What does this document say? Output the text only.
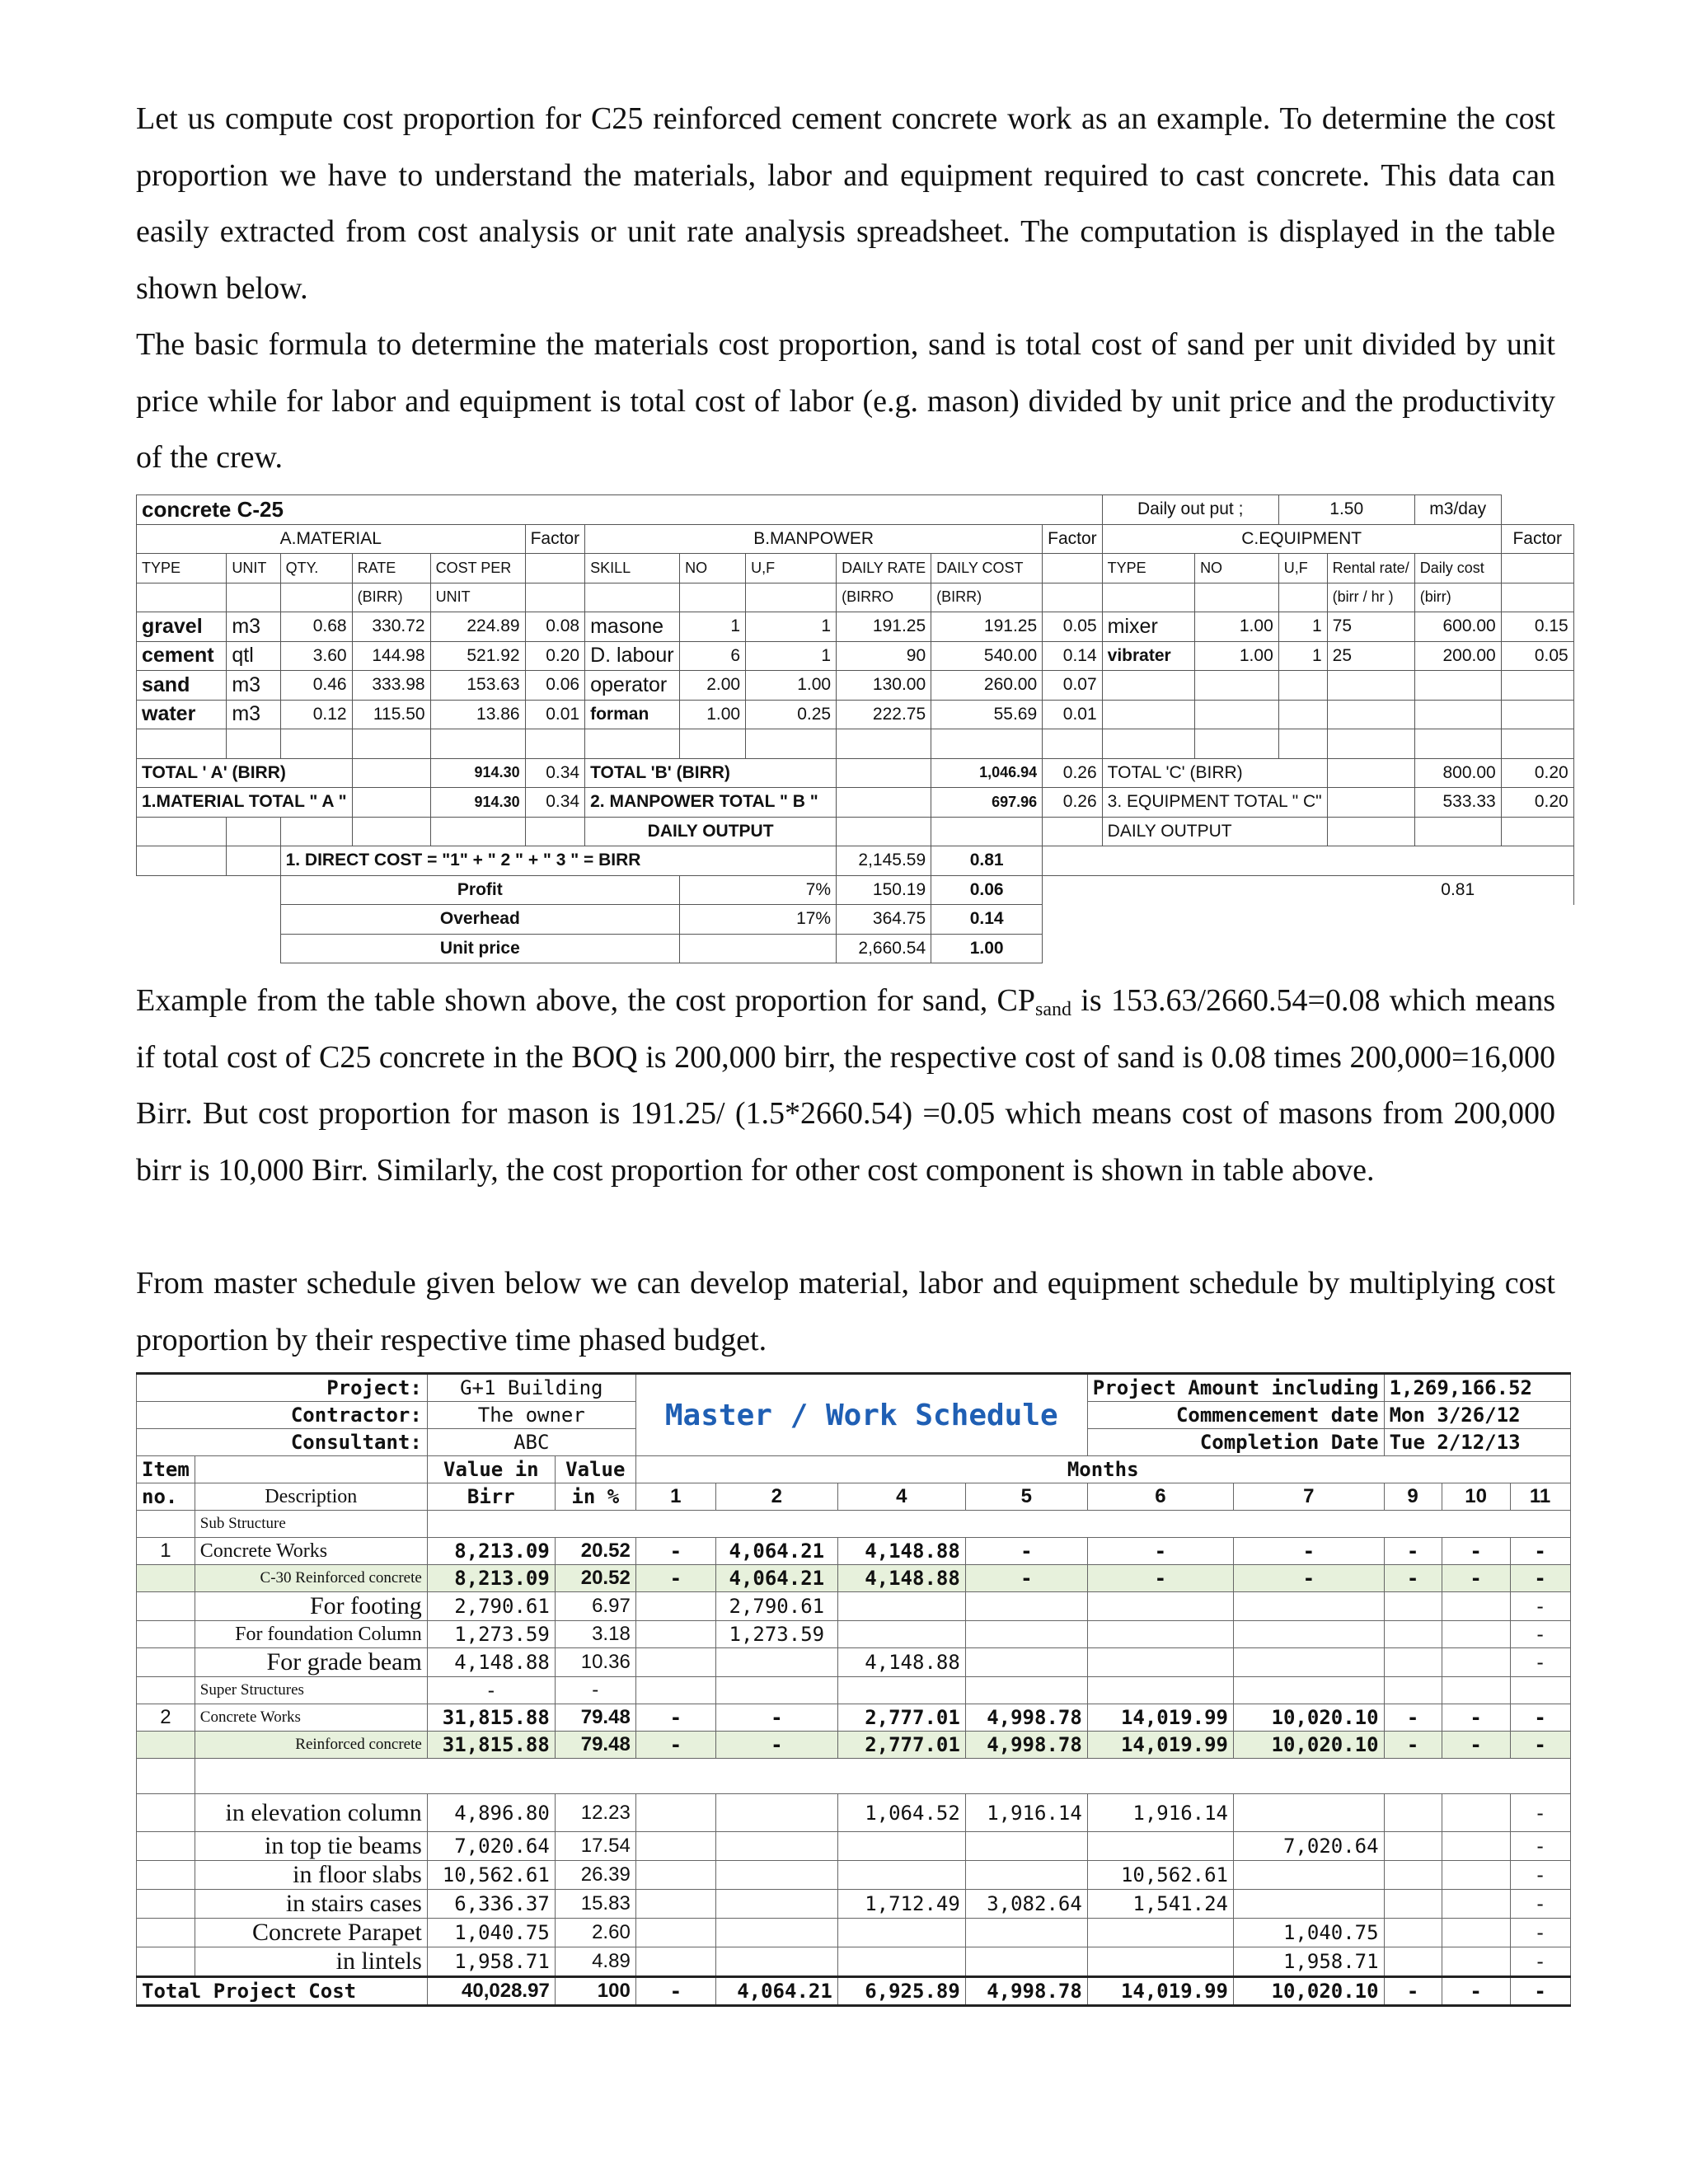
Let us compute cost proportion for C25 reinforced cement concrete work as an example. To determine the cost proportion we have to understand the materials, labor and equipment required to cast concrete. This data can easily extracted from cost analysis or unit rate analysis spreadsheet. The computation is displayed in the table shown below.

The basic formula to determine the materials cost proportion, sand is total cost of sand per unit divided by unit price while for labor and equipment is total cost of labor (e.g. mason) divided by unit price and the productivity of the crew.

concrete C-25												Daily out put ;		1.50		m3/day	
A.MATERIAL					Factor	B.MANPOWER					Factor	C.EQUIPMENT					Factor
TYPE	UNIT	QTY.	RATE	COST PER		SKILL	NO	U,F	DAILY RATE	DAILY COST		TYPE	NO	U,F	Rental rate/	Daily cost	
			(BIRR)	UNIT					(BIRRO	(BIRR)					(birr / hr )	(birr)	
gravel	m3	0.68	330.72	224.89	0.08	masone	1	1	191.25	191.25	0.05	mixer	1.00	1	75	600.00	0.15
cement	qtl	3.60	144.98	521.92	0.20	D. labour	6	1	90	540.00	0.14	vibrater	1.00	1	25	200.00	0.05
sand	m3	0.46	333.98	153.63	0.06	operator	2.00	1.00	130.00	260.00	0.07						
water	m3	0.12	115.50	13.86	0.01	forman	1.00	0.25	222.75	55.69	0.01						

TOTAL ' A' (BIRR)				914.30	0.34	TOTAL 'B' (BIRR)				1,046.94	0.26	TOTAL 'C' (BIRR)				800.00	0.20
1.MATERIAL TOTAL " A "				914.30	0.34	2. MANPOWER TOTAL " B "				697.96	0.26	3. EQUIPMENT TOTAL " C"				533.33	0.20
						DAILY OUTPUT						DAILY OUTPUT					
		1. DIRECT COST = "1" + " 2 " + " 3 " = BIRR							2,145.59	0.81							
		Profit					7%		150.19	0.06						0.81	
		Overhead					17%		364.75	0.14							
		Unit price							2,660.54	1.00							

Example from the table shown above, the cost proportion for sand, $CP_{sand}$ is 153.63/2660.54=0.08 which means if total cost of C25 concrete in the BOQ is 200,000 birr, the respective cost of sand is 0.08 times 200,000=16,000 Birr. But cost proportion for mason is 191.25/ (1.5*2660.54) =0.05 which means cost of masons from 200,000 birr is 10,000 Birr. Similarly, the cost proportion for other cost component is shown in table above.

From master schedule given below we can develop material, labor and equipment schedule by multiplying cost proportion by their respective time phased budget.

Project:		G+1 Building		Master / Work Schedule				Project Amount including		1,269,166.52		
Contractor:		The owner						Commencement date		Mon 3/26/12		
Consultant:		ABC						Completion Date		Tue 2/12/13		
Item		Value in	Value	Months								
no.	Description	Birr	in %	1	2	4	5	6	7	9	10	11
	Sub Structure											
1	Concrete Works	8,213.09	20.52	-	4,064.21	4,148.88	-	-	-	-	-	-
	C-30 Reinforced concrete	8,213.09	20.52	-	4,064.21	4,148.88	-	-	-	-	-	-
	For footing	2,790.61	6.97		2,790.61							-
	For foundation Column	1,273.59	3.18		1,273.59							-
	For grade beam	4,148.88	10.36			4,148.88						-
	Super Structures	-	-									
2	Concrete Works	31,815.88	79.48	-	-	2,777.01	4,998.78	14,019.99	10,020.10	-	-	-
	Reinforced concrete	31,815.88	79.48	-	-	2,777.01	4,998.78	14,019.99	10,020.10	-	-	-

	in elevation column	4,896.80	12.23			1,064.52	1,916.14	1,916.14				-
	in top tie beams	7,020.64	17.54						7,020.64			-
	in floor slabs	10,562.61	26.39					10,562.61				-
	in stairs cases	6,336.37	15.83			1,712.49	3,082.64	1,541.24				-
	Concrete Parapet	1,040.75	2.60						1,040.75			-
	in lintels	1,958.71	4.89						1,958.71			-
Total Project Cost		40,028.97	100	-	4,064.21	6,925.89	4,998.78	14,019.99	10,020.10	-	-	-
